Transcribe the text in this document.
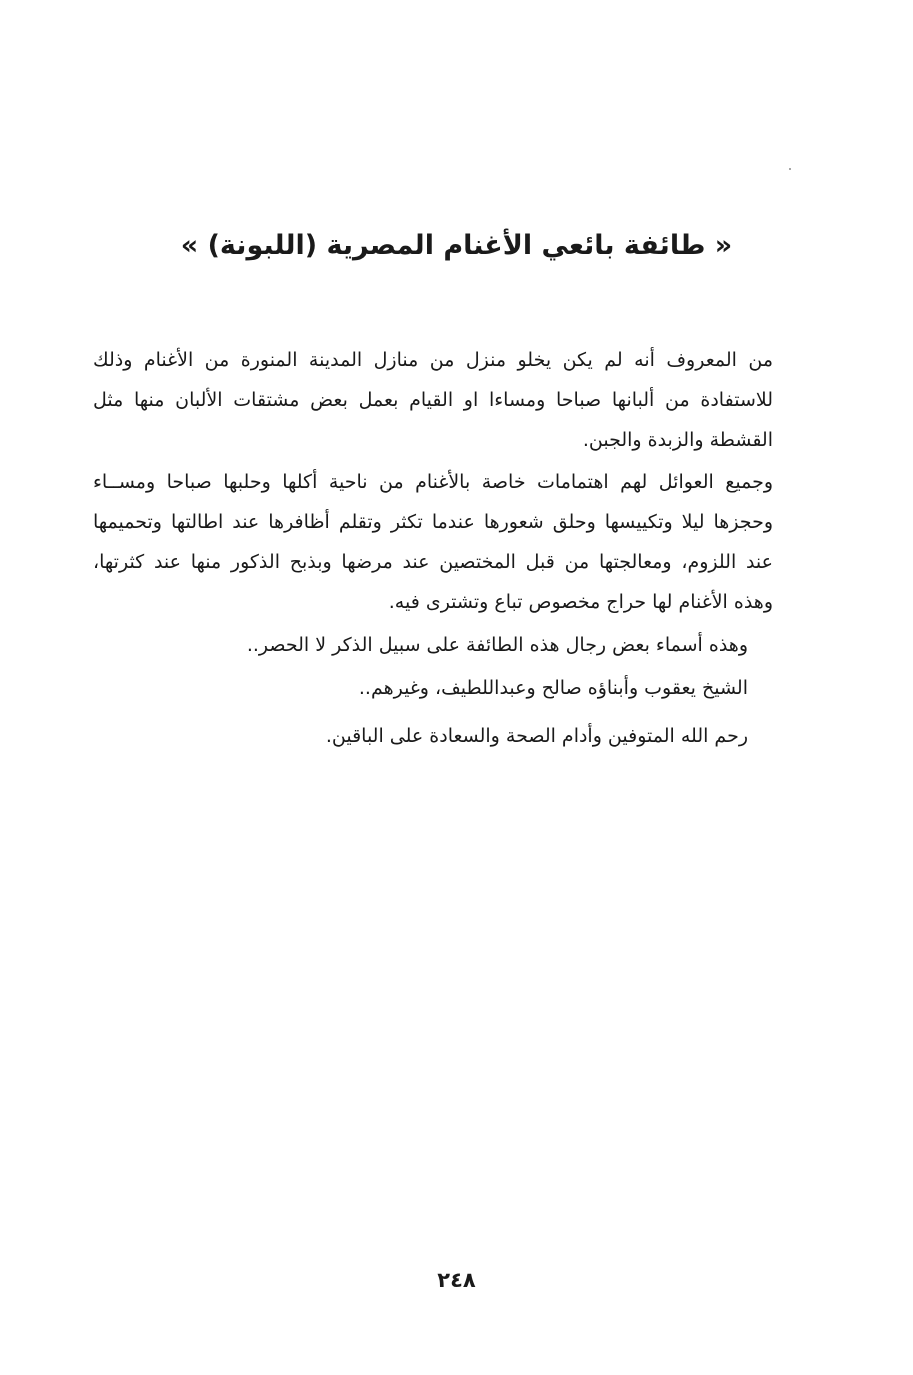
« طائفة بائعي الأغنام المصرية (اللبونة) »
من المعروف أنه لم يكن يخلو منزل من منازل المدينة المنورة من الأغنام وذلك للاستفادة من ألبانها صباحا ومساءا او القيام بعمل بعض مشتقات الألبان منها مثل القشطة والزبدة والجبن.
وجميع العوائل لهم اهتمامات خاصة بالأغنام من ناحية أكلها وحلبها صباحا ومســاء وحجزها ليلا وتكييسها وحلق شعورها عندما تكثر وتقلم أظافرها عند اطالتها وتحميمها عند اللزوم، ومعالجتها من قبل المختصين عند مرضها وبذبح الذكور منها عند كثرتها، وهذه الأغنام لها حراج مخصوص تباع وتشترى فيه.
وهذه أسماء بعض رجال هذه الطائفة على سبيل الذكر لا الحصر..
الشيخ يعقوب وأبناؤه صالح وعبداللطيف، وغيرهم..
رحم الله المتوفين وأدام الصحة والسعادة على الباقين.
٢٤٨
